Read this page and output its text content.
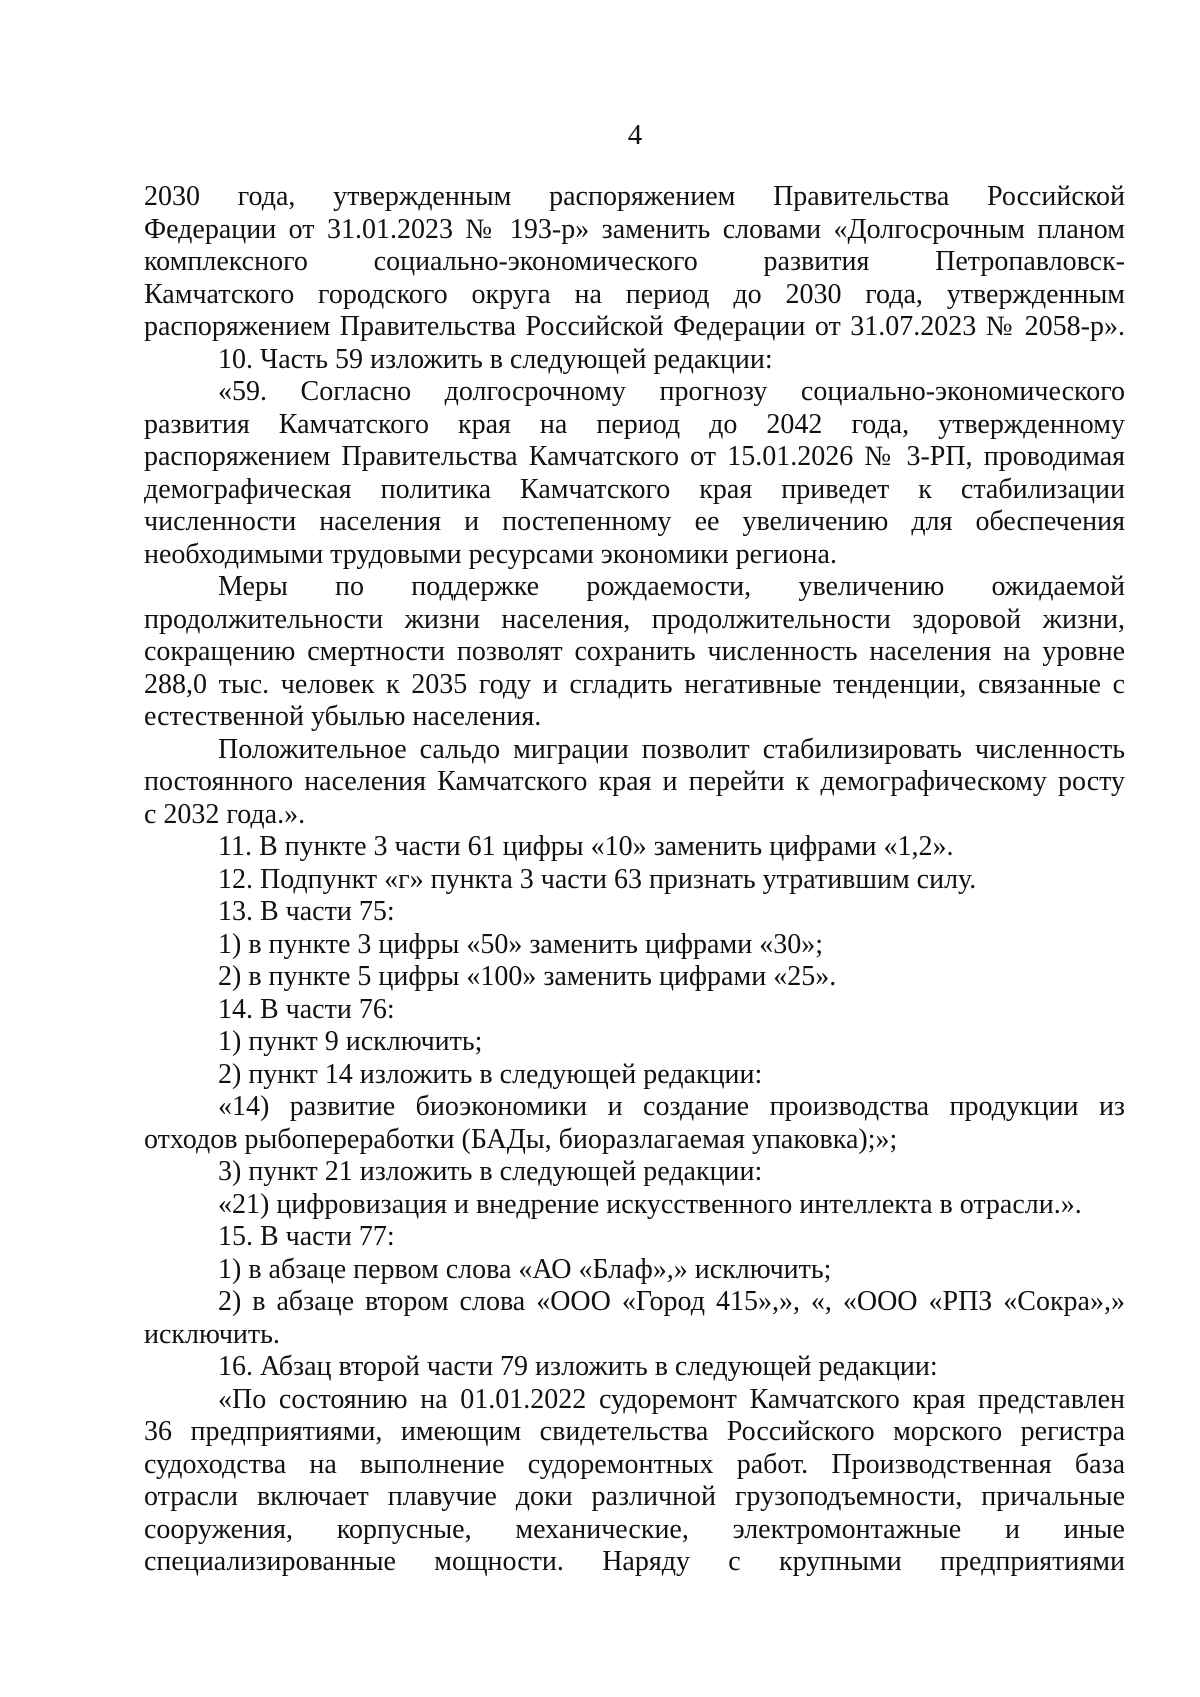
4
2030 года, утвержденным распоряжением Правительства Российской
Федерации от 31.01.2023 № 193-р» заменить словами «Долгосрочным планом
комплексного социально-экономического развития Петропавловск-
Камчатского городского округа на период до 2030 года, утвержденным
распоряжением Правительства Российской Федерации от 31.07.2023 № 2058-р».
10. Часть 59 изложить в следующей редакции:
«59. Согласно долгосрочному прогнозу социально-экономического
развития Камчатского края на период до 2042 года, утвержденному
распоряжением Правительства Камчатского от 15.01.2026 № 3-РП, проводимая
демографическая политика Камчатского края приведет к стабилизации
численности населения и постепенному ее увеличению для обеспечения
необходимыми трудовыми ресурсами экономики региона.
Меры по поддержке рождаемости, увеличению ожидаемой
продолжительности жизни населения, продолжительности здоровой жизни,
сокращению смертности позволят сохранить численность населения на уровне
288,0 тыс. человек к 2035 году и сгладить негативные тенденции, связанные с
естественной убылью населения.
Положительное сальдо миграции позволит стабилизировать численность
постоянного населения Камчатского края и перейти к демографическому росту
с 2032 года.».
11. В пункте 3 части 61 цифры «10» заменить цифрами «1,2».
12. Подпункт «г» пункта 3 части 63 признать утратившим силу.
13. В части 75:
1) в пункте 3 цифры «50» заменить цифрами «30»;
2) в пункте 5 цифры «100» заменить цифрами «25».
14. В части 76:
1) пункт 9 исключить;
2) пункт 14 изложить в следующей редакции:
«14) развитие биоэкономики и создание производства продукции из
отходов рыбопереработки (БАДы, биоразлагаемая упаковка);»;
3) пункт 21 изложить в следующей редакции:
«21) цифровизация и внедрение искусственного интеллекта в отрасли.».
15. В части 77:
1) в абзаце первом слова «АО «Блаф»,» исключить;
2) в абзаце втором слова «ООО «Город 415»,», «, «ООО «РПЗ «Сокра»,»
исключить.
16. Абзац второй части 79 изложить в следующей редакции:
«По состоянию на 01.01.2022 судоремонт Камчатского края представлен
36 предприятиями, имеющим свидетельства Российского морского регистра
судоходства на выполнение судоремонтных работ. Производственная база
отрасли включает плавучие доки различной грузоподъемности, причальные
сооружения, корпусные, механические, электромонтажные и иные
специализированные мощности. Наряду с крупными предприятиями
